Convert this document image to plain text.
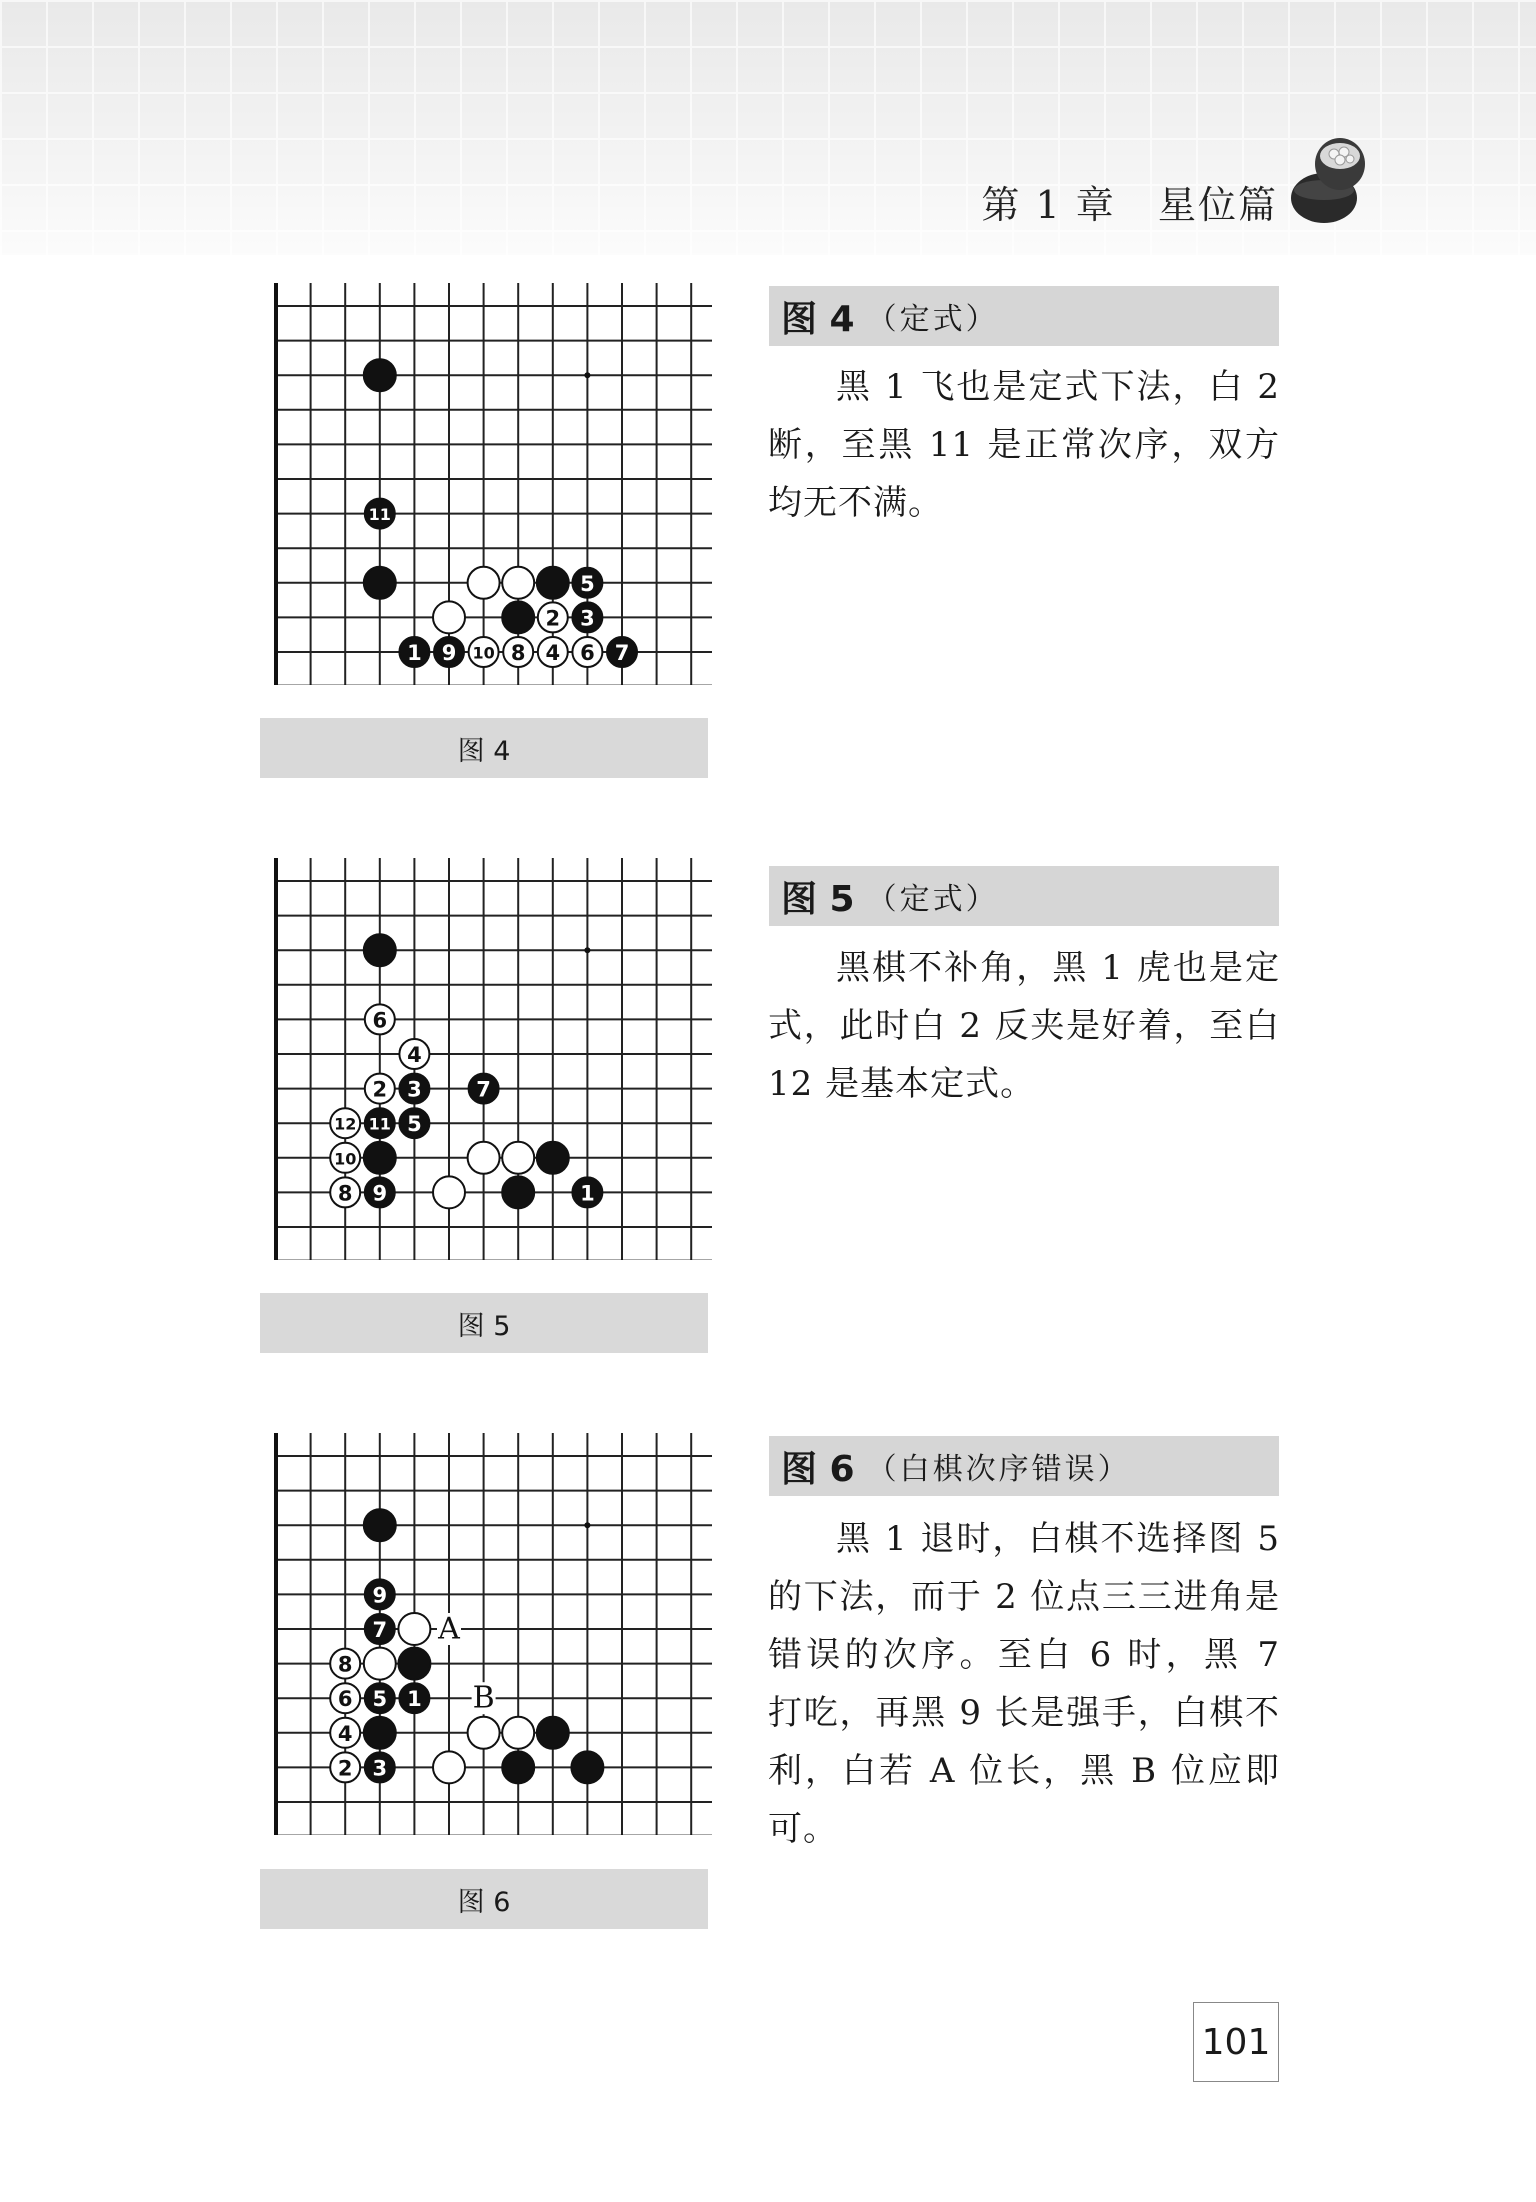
第 1 章   星位篇
11
5
2 3
1 9 10 8 4 6 7
图 4
图 4 （定式）

黑 1 飞也是定式下法，白 2 断，至黑 11 是正常次序，双方均无不满。

6
4
2 3	7
12 11 5
10
8 9	1
图 5
图 5 （定式）

黑棋不补角，黑 1 虎也是定式，此时白 2 反夹是好着，至白 12 是基本定式。

A
B
9
7
8
6 5 1
4
2 3
图 6
图 6 （白棋次序错误）

黑 1 退时，白棋不选择图 5 的下法，而于 2 位点三三进角是错误的次序。至白 6 时，黑 7 打吃，再黑 9 长是强手，白棋不利，白若 A 位长，黑 B 位应即可。

101
